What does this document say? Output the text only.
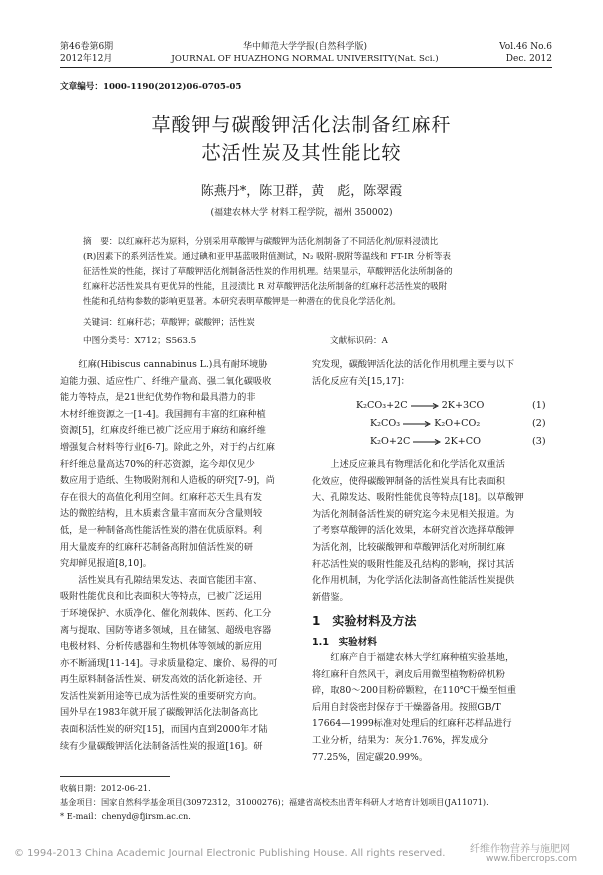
第46卷第6期
2012年12月
华中师范大学学报(自然科学版)
JOURNAL OF HUAZHONG NORMAL UNIVERSITY(Nat. Sci.)
Vol.46 No.6
Dec. 2012
文章编号：1000-1190(2012)06-0705-05
草酸钾与碳酸钾活化法制备红麻秆
芯活性炭及其性能比较
陈燕丹*，陈卫群，黄　彪，陈翠霞
(福建农林大学 材料工程学院，福州 350002)
摘　要：以红麻秆芯为原料，分别采用草酸钾与碳酸钾为活化剂制备了不同活化剂/原料浸渍比
(R)因素下的系列活性炭。通过碘和亚甲基蓝吸附值测试，N₂ 吸附-脱附等温线和 FT-IR 分析等表
征活性炭的性能，探讨了草酸钾活化剂制备活性炭的作用机理。结果显示，草酸钾活化法所制备的
红麻秆芯活性炭具有更优异的性能，且浸渍比 R 对草酸钾活化法所制备的红麻秆芯活性炭的吸附
性能和孔结构参数的影响更显著。本研究表明草酸钾是一种潜在的优良化学活化剂。
关键词：红麻秆芯；草酸钾；碳酸钾；活性炭
中图分类号：X712；S563.5	文献标识码：A

红麻(Hibiscus cannabinus L.)具有耐环境胁
迫能力强、适应性广、纤维产量高、强二氧化碳吸收
能力等特点，是21世纪优势作物和最具潜力的非
木材纤维资源之一[1-4]。我国拥有丰富的红麻种植
资源[5]，红麻皮纤维已被广泛应用于麻纺和麻纤维
增强复合材料等行业[6-7]。除此之外，对于约占红麻
秆纤维总量高达70%的秆芯资源，迄今却仅见少
数应用于造纸、生物吸附剂和人造板的研究[7-9]，尚
存在很大的高值化利用空间。红麻秆芯天生具有发
达的微腔结构，且木质素含量丰富而灰分含量则较
低，是一种制备高性能活性炭的潜在优质原料。利
用大量废弃的红麻秆芯制备高附加值活性炭的研
究却鲜见报道[8,10]。

活性炭具有孔隙结果发达、表面官能团丰富、
吸附性能优良和比表面积大等特点，已被广泛运用
于环境保护、水质净化、催化剂载体、医药、化工分
离与提取、国防等诸多领域，且在储氢、超级电容器
电极材料、分析传感器和生物机体等领域的新应用
亦不断涌现[11-14]。寻求质量稳定、廉价、易得的可
再生原料制备活性炭、研发高效的活化新途径、开
发活性炭新用途等已成为活性炭的重要研究方向。
国外早在1983年就开展了碳酸钾活化法制备高比
表面积活性炭的研究[15]，而国内直到2000年才陆
续有少量碳酸钾活化法制备活性炭的报道[16]。研

究发现，碳酸钾活化法的活化作用机理主要与以下
活化反应有关[15,17]：
K₂CO₃+2C	2K+3CO	(1)
K₂CO₃	K₂O+CO₂	(2)
K₂O+2C	2K+CO	(3)

上述反应兼具有物理活化和化学活化双重活
化效应，使得碳酸钾制备的活性炭具有比表面积
大、孔隙发达、吸附性能优良等特点[18]。以草酸钾
为活化剂制备活性炭的研究迄今未见相关报道。为
了考察草酸钾的活化效果，本研究首次选择草酸钾
为活化剂，比较碳酸钾和草酸钾活化对所制红麻
秆芯活性炭的吸附性能及孔结构的影响，探讨其活
化作用机制，为化学活化法制备高性能活性炭提供
新借鉴。

1　实验材料及方法
1.1　实验材料

红麻产自于福建农林大学红麻种植实验基地，
将红麻秆自然风干，剥皮后用微型植物粉碎机粉
碎，取80～200目粉碎颗粒，在110℃干燥至恒重
后用自封袋密封保存于干燥器备用。按照GB/T
17664—1999标准对处理后的红麻秆芯样品进行
工业分析，结果为：灰分1.76%，挥发成分
77.25%，固定碳20.99%。

收稿日期：2012-06-21.
基金项目：国家自然科学基金项目(30972312，31000276)；福建省高校杰出青年科研人才培育计划项目(JA11071).
* E-mail：chenyd@fjirsm.ac.cn.
© 1994-2013 China Academic Journal Electronic Publishing House. All rights reserved. 纤维作物营养与施肥网
www.fibercrops.com
